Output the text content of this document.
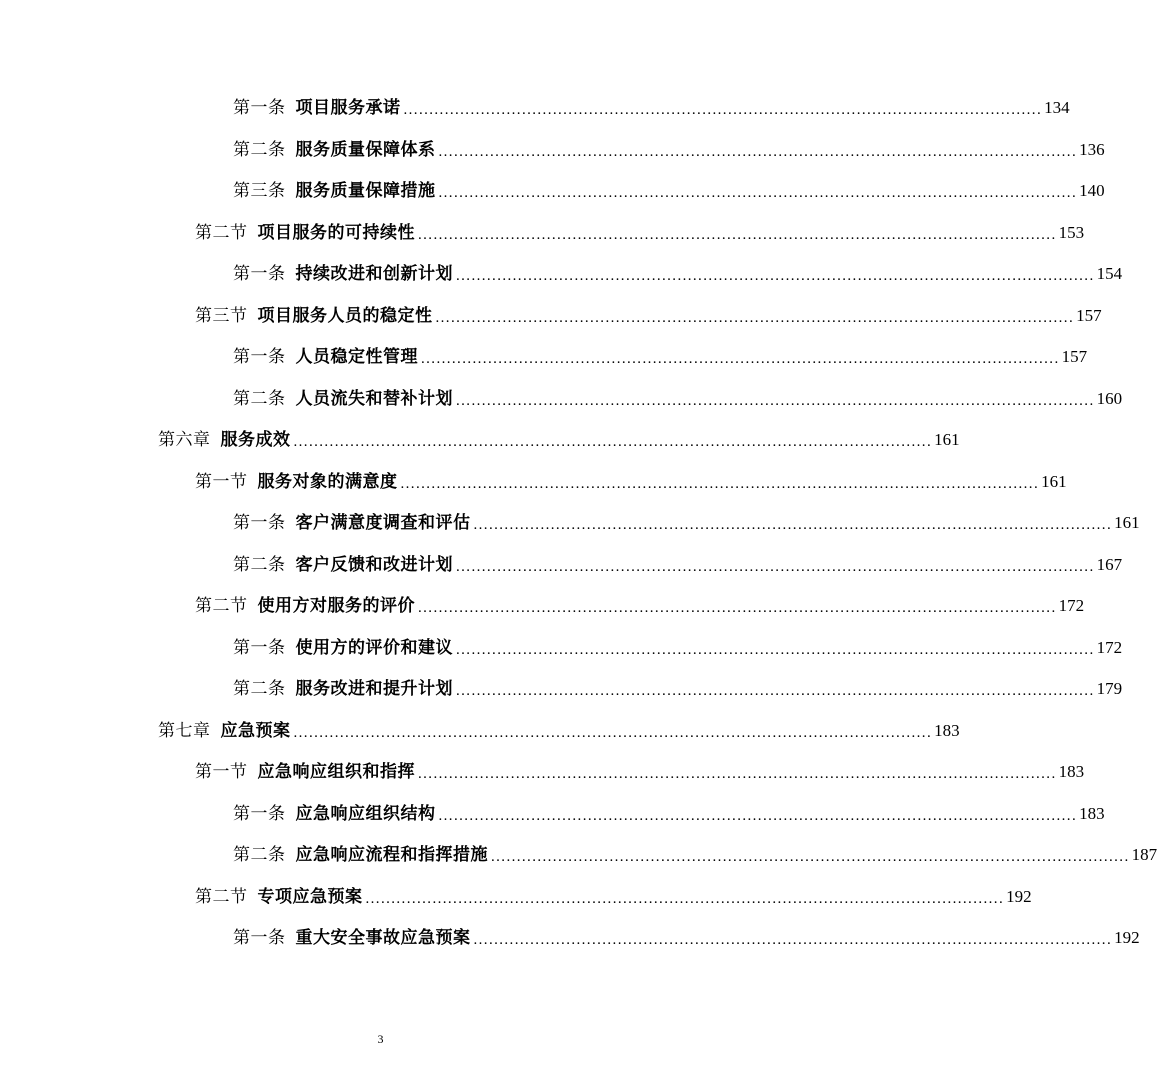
第一条 项目服务承诺 ............................................................................................................................ 134
第二条 服务质量保障体系 ............................................................................................................................ 136
第三条 服务质量保障措施 ............................................................................................................................ 140
第二节 项目服务的可持续性 ............................................................................................................................ 153
第一条 持续改进和创新计划 ............................................................................................................................ 154
第三节 项目服务人员的稳定性 ............................................................................................................................ 157
第一条 人员稳定性管理 ............................................................................................................................ 157
第二条 人员流失和替补计划 ............................................................................................................................ 160
第六章 服务成效 ............................................................................................................................ 161
第一节 服务对象的满意度 ............................................................................................................................ 161
第一条 客户满意度调查和评估 ............................................................................................................................ 161
第二条 客户反馈和改进计划 ............................................................................................................................ 167
第二节 使用方对服务的评价 ............................................................................................................................ 172
第一条 使用方的评价和建议 ............................................................................................................................ 172
第二条 服务改进和提升计划 ............................................................................................................................ 179
第七章 应急预案 ............................................................................................................................ 183
第一节 应急响应组织和指挥 ............................................................................................................................ 183
第一条 应急响应组织结构 ............................................................................................................................ 183
第二条 应急响应流程和指挥措施 ............................................................................................................................ 187
第二节 专项应急预案 ............................................................................................................................ 192
第一条 重大安全事故应急预案 ............................................................................................................................ 192
3
